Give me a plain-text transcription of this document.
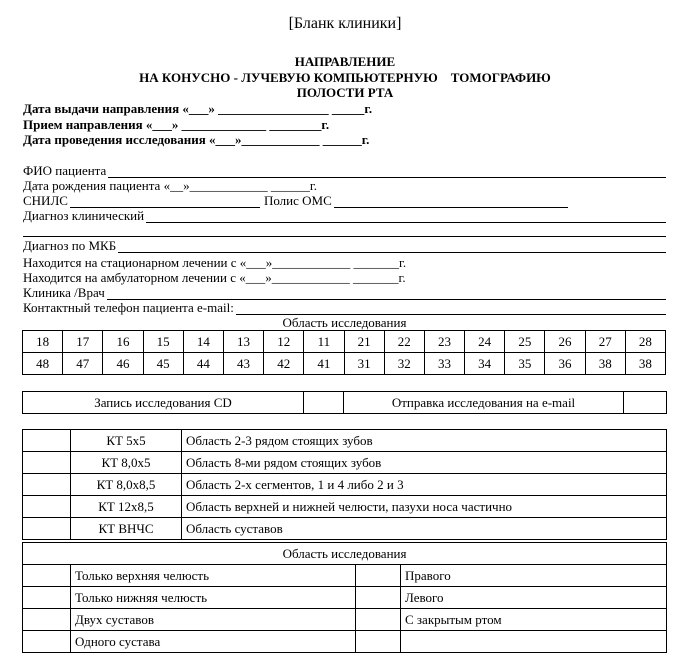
[Бланк клиники]
НАПРАВЛЕНИЕ
НА КОНУСНО - ЛУЧЕВУЮ КОМПЬЮТЕРНУЮ    ТОМОГРАФИЮ
ПОЛОСТИ РТА
Дата выдачи направления «___» _________________ _____г.
Прием направления «___» _____________ ________г.
Дата проведения исследования «___»____________ ______г.
ФИО пациента
Дата рождения пациента «__»____________ ______г.
СНИЛС	Полис ОМС
Диагноз клинический
Диагноз по МКБ
Находится на стационарном лечении с «___»____________ _______г.
Находится на амбулаторном лечении с «___»____________ _______г.
Клиника /Врач
Контактный телефон пациента e-mail:
Область исследования
18	17	16	15	14	13	12	11	21	22	23	24	25	26	27	28
48	47	46	45	44	43	42	41	31	32	33	34	35	36	38	38
Запись исследования CD		Отправка исследования на e-mail	
	КТ 5х5	Область 2-3 рядом стоящих зубов
	КТ 8,0х5	Область 8-ми рядом стоящих зубов
	КТ 8,0х8,5	Область 2-х сегментов, 1 и 4 либо 2 и 3
	КТ 12х8,5	Область верхней и нижней челюсти, пазухи носа частично
	КТ ВНЧС	Область суставов
Область исследования			
	Только верхняя челюсть		Правого
	Только нижняя челюсть		Левого
	Двух суставов		С закрытым ртом
	Одного сустава		
